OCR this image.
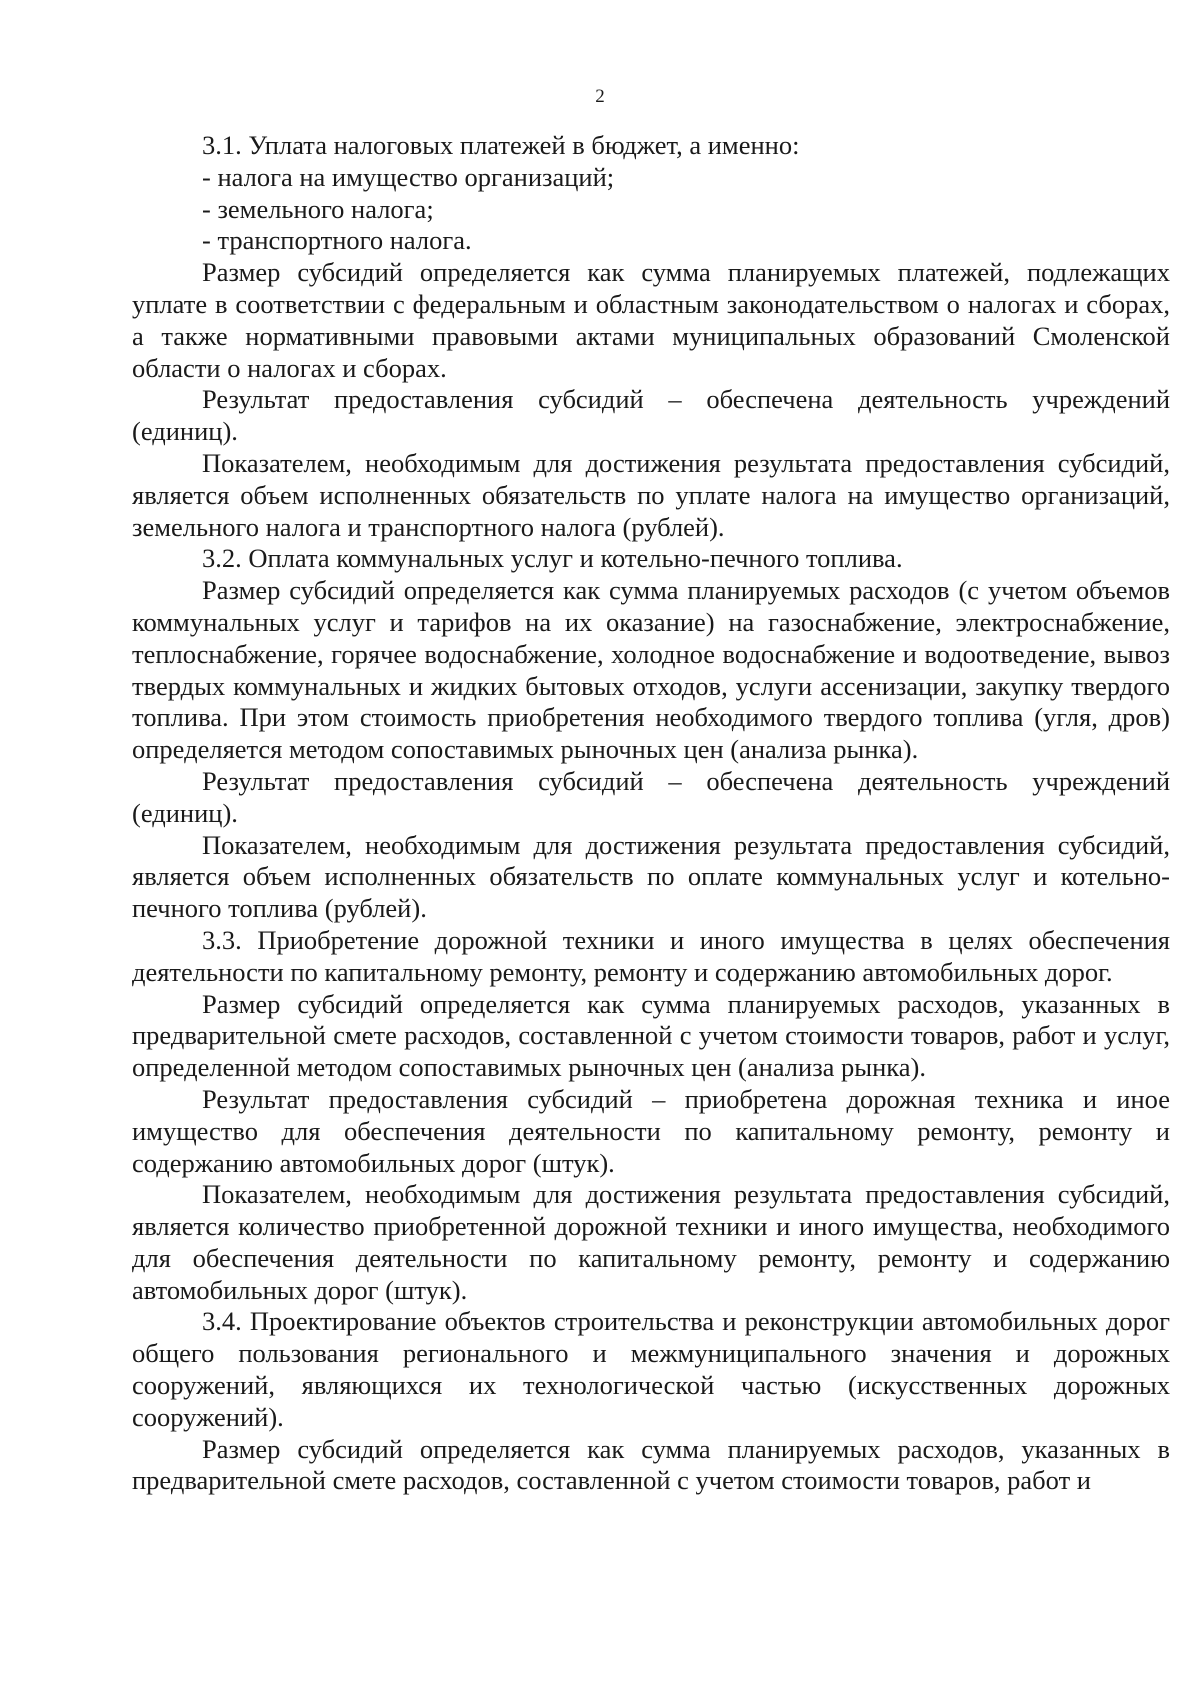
2

3.1. Уплата налоговых платежей в бюджет, а именно:

- налога на имущество организаций;

- земельного налога;

- транспортного налога.

Размер субсидий определяется как сумма планируемых платежей, подлежащих уплате в соответствии с федеральным и областным законодательством о налогах и сборах, а также нормативными правовыми актами муниципальных образований Смоленской области о налогах и сборах.

Результат предоставления субсидий – обеспечена деятельность учреждений (единиц).

Показателем, необходимым для достижения результата предоставления субсидий, является объем исполненных обязательств по уплате налога на имущество организаций, земельного налога и транспортного налога (рублей).

3.2. Оплата коммунальных услуг и котельно-печного топлива.

Размер субсидий определяется как сумма планируемых расходов (с учетом объемов коммунальных услуг и тарифов на их оказание) на газоснабжение, электроснабжение, теплоснабжение, горячее водоснабжение, холодное водоснабжение и водоотведение, вывоз твердых коммунальных и жидких бытовых отходов, услуги ассенизации, закупку твердого топлива. При этом стоимость приобретения необходимого твердого топлива (угля, дров) определяется методом сопоставимых рыночных цен (анализа рынка).

Результат предоставления субсидий – обеспечена деятельность учреждений (единиц).

Показателем, необходимым для достижения результата предоставления субсидий, является объем исполненных обязательств по оплате коммунальных услуг и котельно-печного топлива (рублей).

3.3. Приобретение дорожной техники и иного имущества в целях обеспечения деятельности по капитальному ремонту, ремонту и содержанию автомобильных дорог.

Размер субсидий определяется как сумма планируемых расходов, указанных в предварительной смете расходов, составленной с учетом стоимости товаров, работ и услуг, определенной методом сопоставимых рыночных цен (анализа рынка).

Результат предоставления субсидий – приобретена дорожная техника и иное имущество для обеспечения деятельности по капитальному ремонту, ремонту и содержанию автомобильных дорог (штук).

Показателем, необходимым для достижения результата предоставления субсидий, является количество приобретенной дорожной техники и иного имущества, необходимого для обеспечения деятельности по капитальному ремонту, ремонту и содержанию автомобильных дорог (штук).

3.4. Проектирование объектов строительства и реконструкции автомобильных дорог общего пользования регионального и межмуниципального значения и дорожных сооружений, являющихся их технологической частью (искусственных дорожных сооружений).

Размер субсидий определяется как сумма планируемых расходов, указанных в предварительной смете расходов, составленной с учетом стоимости товаров, работ и
